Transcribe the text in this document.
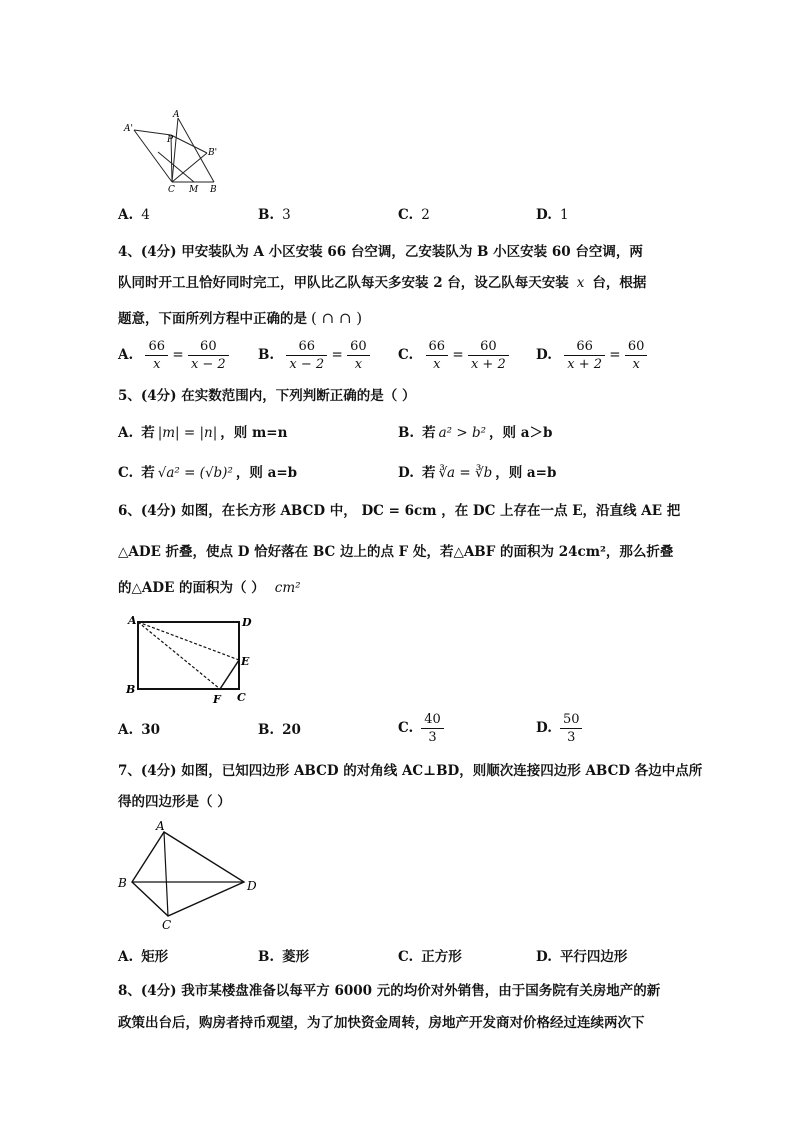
A'
A
P
B'
C M B
A. 4	B. 3	C. 2	D. 1
4、(4分) 甲安装队为 A 小区安装 66 台空调，乙安装队为 B 小区安装 60 台空调，两
队同时开工且恰好同时完工，甲队比乙队每天多安装 2 台，设乙队每天安装 x 台，根据
题意，下面所列方程中正确的是 ( ∩ ∩ )
A. $\frac{66}{x} = \frac{60}{x - 2} B$. $\frac{66}{x - 2} = \frac{60}{x} C$. $\frac{66}{x} = \frac{60}{x + 2} D$. $\frac{66}{x + 2} = \frac{60}{x}$
5、(4分) 在实数范围内，下列判断正确的是（ ）
A. 若 |m| = |n| ，则 m=n	B. 若 a² > b² ，则 a＞b
C. 若 √a² = (√b)² ，则 a=b	D. 若 ∛a = ∛b ，则 a=b
6、(4分) 如图，在长方形 ABCD 中， DC = 6cm ，在 DC 上存在一点 E，沿直线 AE 把
△ADE 折叠，使点 D 恰好落在 BC 边上的点 F 处，若△ABF 的面积为 24cm²，那么折叠
的△ADE 的面积为（ ） cm²
A	D
E
B
F C
A. 30	B. 20	C. $\frac{40}{3}$	D. $\frac{50}{3}$
7、(4分) 如图，已知四边形 ABCD 的对角线 AC⊥BD，则顺次连接四边形 ABCD 各边中点所
得的四边形是（ ）
A
B
C
D
A. 矩形	B. 菱形	C. 正方形	D. 平行四边形
8、(4分) 我市某楼盘准备以每平方 6000 元的均价对外销售，由于国务院有关房地产的新
政策出台后，购房者持币观望，为了加快资金周转，房地产开发商对价格经过连续两次下
